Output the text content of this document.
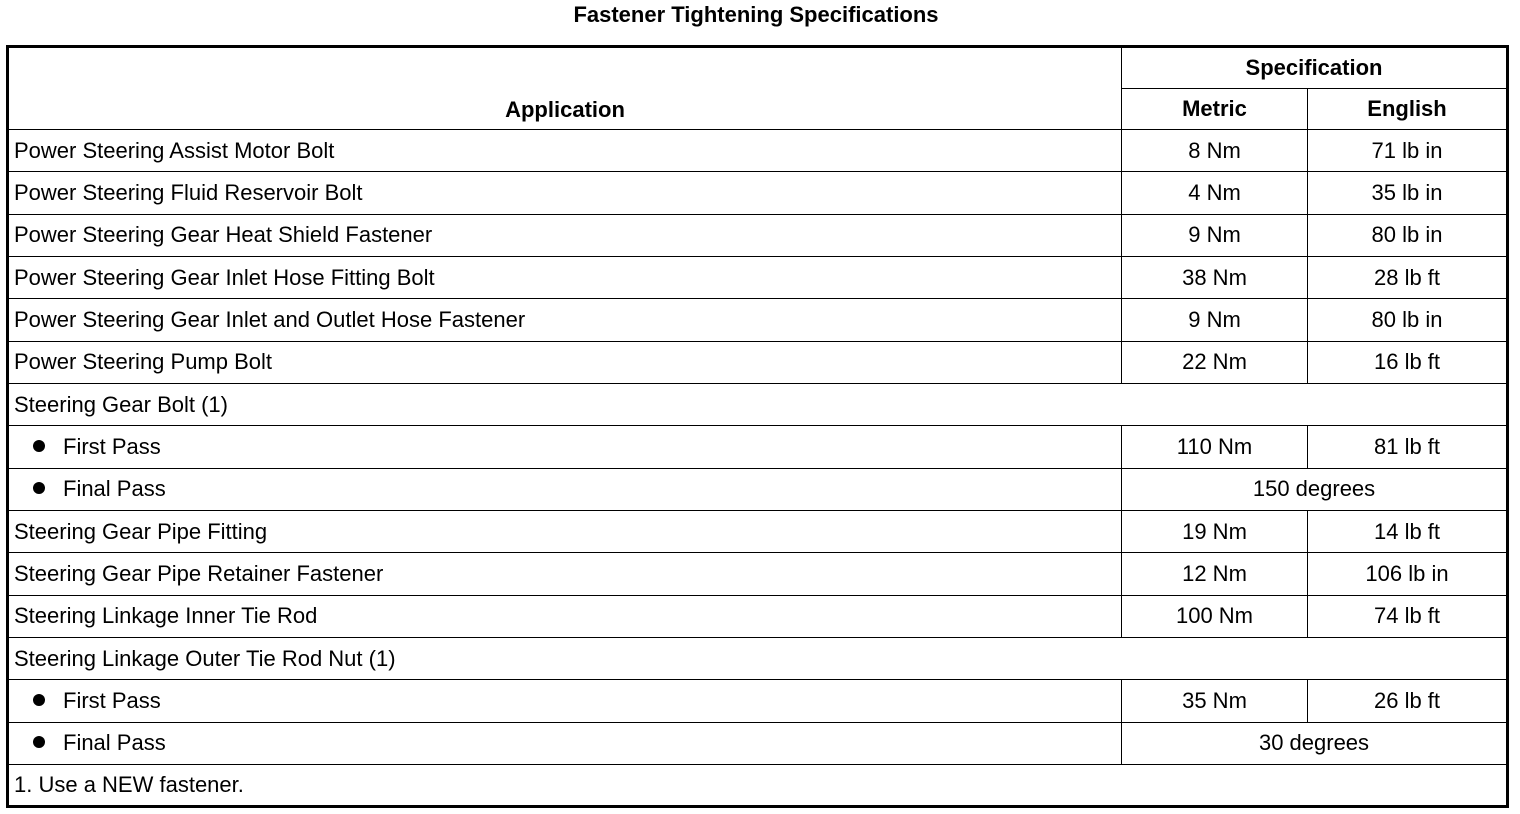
Fastener Tightening Specifications
Application	Specification	
	Metric	English
Power Steering Assist Motor Bolt	8 Nm	71 lb in
Power Steering Fluid Reservoir Bolt	4 Nm	35 lb in
Power Steering Gear Heat Shield Fastener	9 Nm	80 lb in
Power Steering Gear Inlet Hose Fitting Bolt	38 Nm	28 lb ft
Power Steering Gear Inlet and Outlet Hose Fastener	9 Nm	80 lb in
Power Steering Pump Bolt	22 Nm	16 lb ft
Steering Gear Bolt (1)		
First Pass	110 Nm	81 lb ft
Final Pass	150 degrees	
Steering Gear Pipe Fitting	19 Nm	14 lb ft
Steering Gear Pipe Retainer Fastener	12 Nm	106 lb in
Steering Linkage Inner Tie Rod	100 Nm	74 lb ft
Steering Linkage Outer Tie Rod Nut (1)		
First Pass	35 Nm	26 lb ft
Final Pass	30 degrees	
1. Use a NEW fastener.		
